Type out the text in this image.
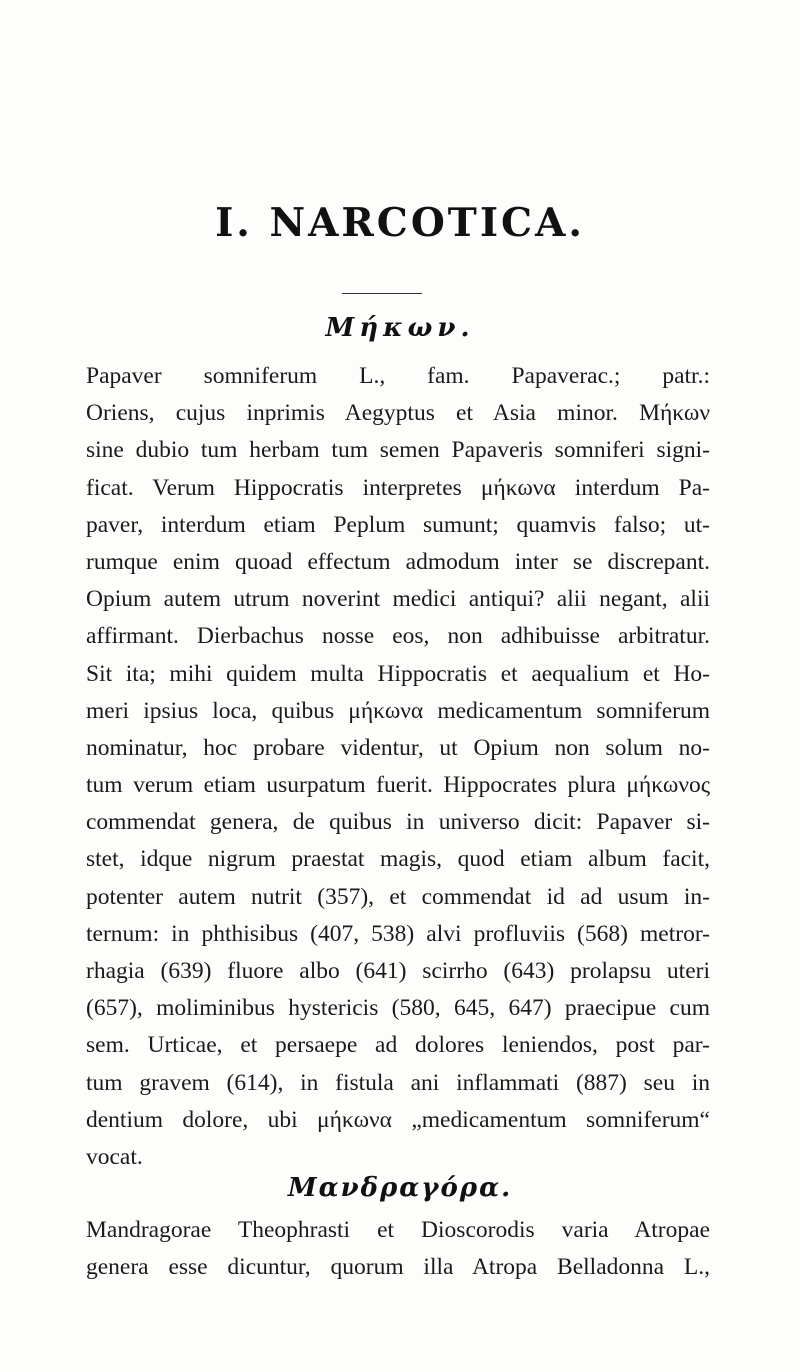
I. NARCOTICA.
Μήκων.
Papaver somniferum L., fam. Papaverac.; patr.:
Oriens, cujus inprimis Aegyptus et Asia minor. Μήκων
sine dubio tum herbam tum semen Papaveris somniferi signi-
ficat. Verum Hippocratis interpretes μήκωνα interdum Pa-
paver, interdum etiam Peplum sumunt; quamvis falso; ut-
rumque enim quoad effectum admodum inter se discrepant.
Opium autem utrum noverint medici antiqui? alii negant, alii
affirmant. Dierbachus nosse eos, non adhibuisse arbitratur.
Sit ita; mihi quidem multa Hippocratis et aequalium et Ho-
meri ipsius loca, quibus μήκωνα medicamentum somniferum
nominatur, hoc probare videntur, ut Opium non solum no-
tum verum etiam usurpatum fuerit. Hippocrates plura μήκωνος
commendat genera, de quibus in universo dicit: Papaver si-
stet, idque nigrum praestat magis, quod etiam album facit,
potenter autem nutrit (357), et commendat id ad usum in-
ternum: in phthisibus (407, 538) alvi profluviis (568) metror-
rhagia (639) fluore albo (641) scirrho (643) prolapsu uteri
(657), moliminibus hystericis (580, 645, 647) praecipue cum
sem. Urticae, et persaepe ad dolores leniendos, post par-
tum gravem (614), in fistula ani inflammati (887) seu in
dentium dolore, ubi μήκωνα „medicamentum somniferum“
vocat.
Μανδραγόρα.
Mandragorae Theophrasti et Dioscorodis varia Atropae
genera esse dicuntur, quorum illa Atropa Belladonna L.,
